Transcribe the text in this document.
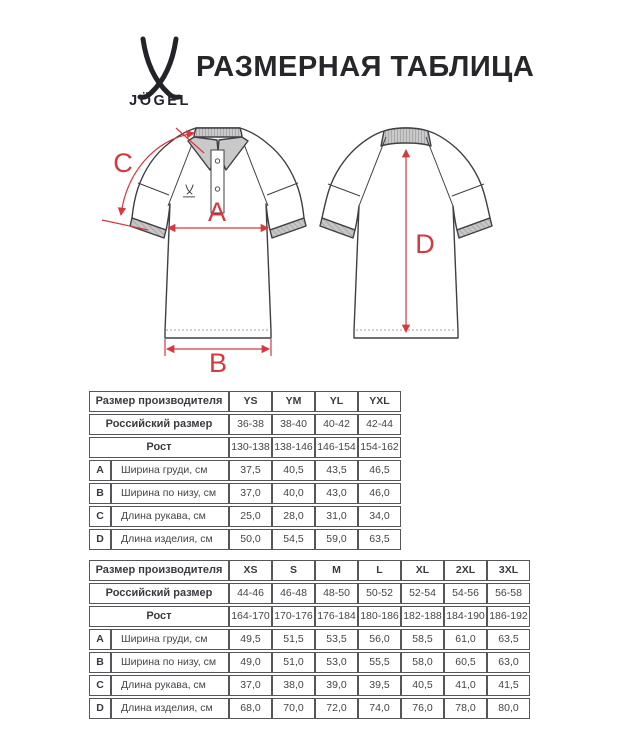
JÖGEL
РАЗМЕРНАЯ ТАБЛИЦА
A
B
C
D
Размер производителя		YS	YM	YL	YXL
Российский размер		36-38	38-40	40-42	42-44
Рост		130-138	138-146	146-154	154-162
A	Ширина груди, см	37,5	40,5	43,5	46,5
B	Ширина по низу, см	37,0	40,0	43,0	46,0
C	Длина рукава, см	25,0	28,0	31,0	34,0
D	Длина изделия, см	50,0	54,5	59,0	63,5
Размер производителя		XS	S	M	L	XL	2XL	3XL
Российский размер		44-46	46-48	48-50	50-52	52-54	54-56	56-58
Рост		164-170	170-176	176-184	180-186	182-188	184-190	186-192
A	Ширина груди, см	49,5	51,5	53,5	56,0	58,5	61,0	63,5
B	Ширина по низу, см	49,0	51,0	53,0	55,5	58,0	60,5	63,0
C	Длина рукава, см	37,0	38,0	39,0	39,5	40,5	41,0	41,5
D	Длина изделия, см	68,0	70,0	72,0	74,0	76,0	78,0	80,0
